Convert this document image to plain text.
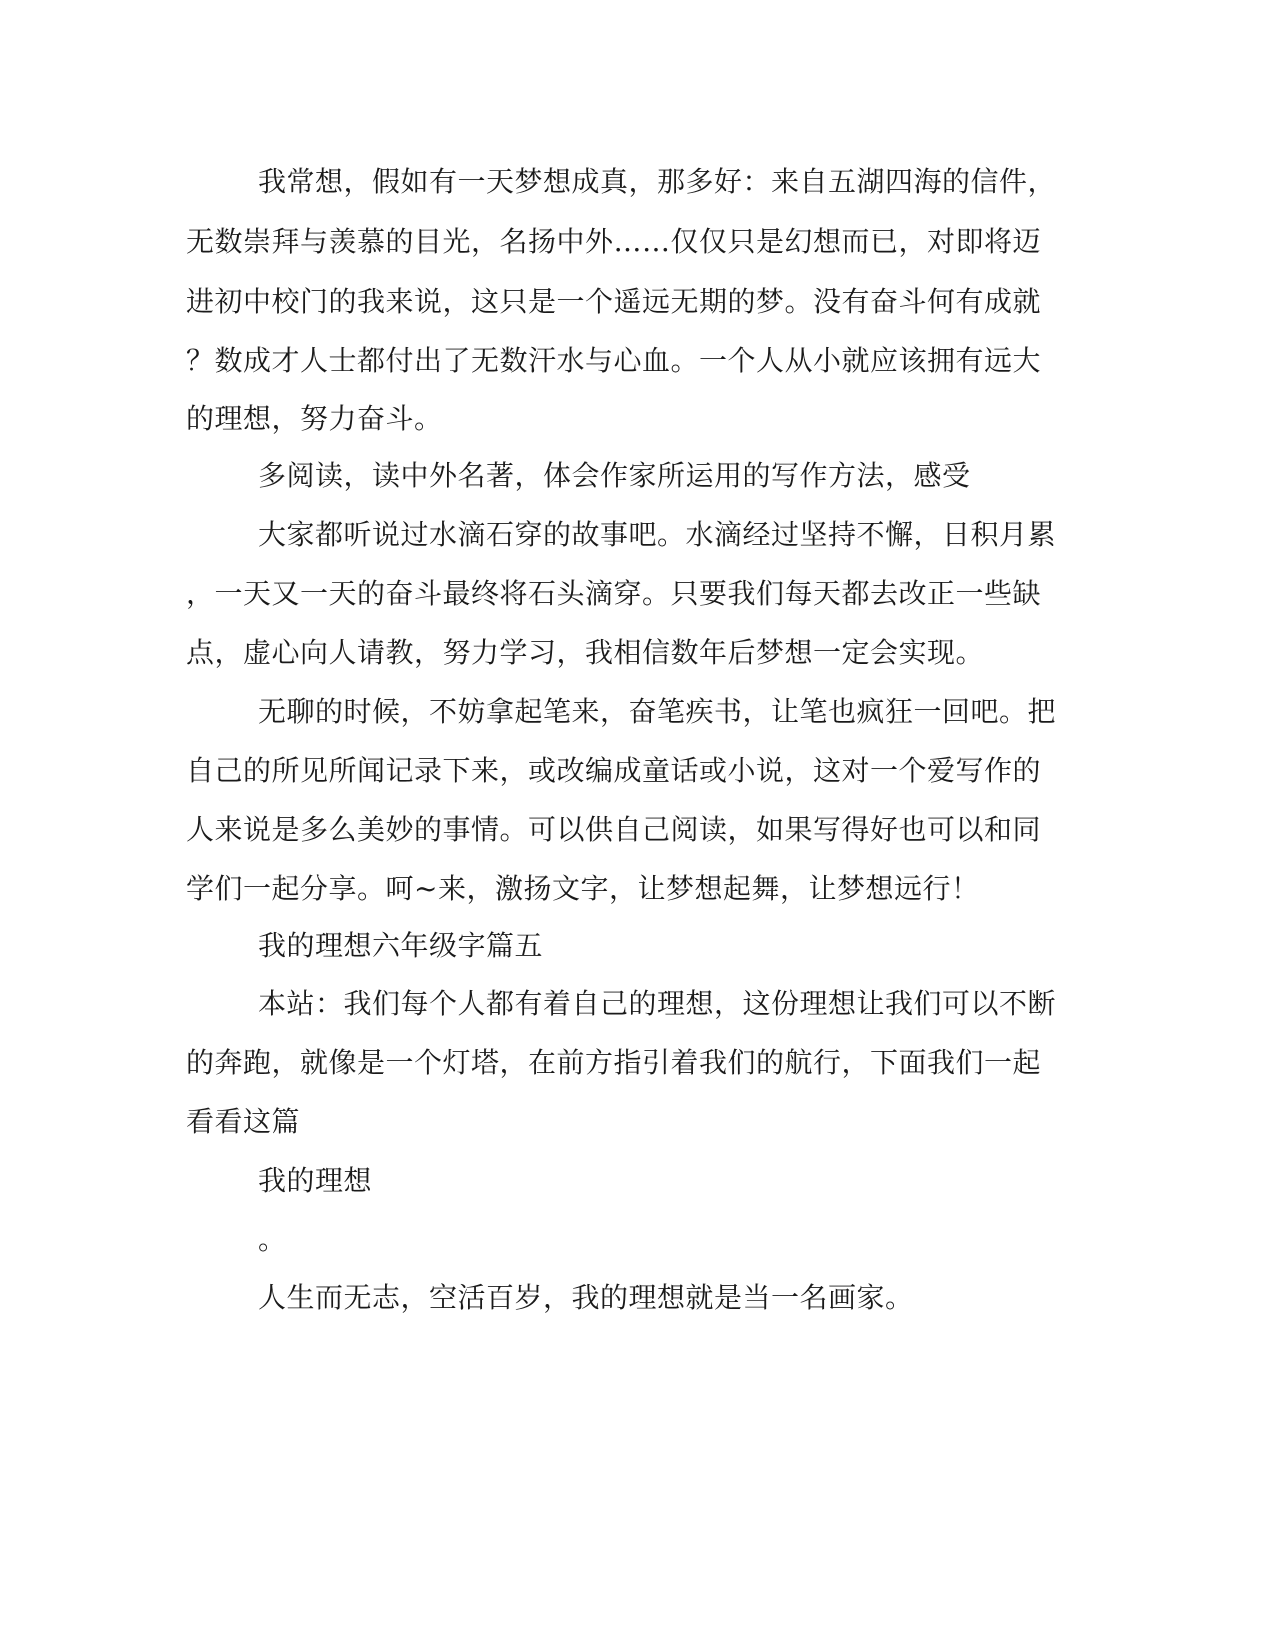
我常想，假如有一天梦想成真，那多好：来自五湖四海的信件，
无数崇拜与羡慕的目光，名扬中外……仅仅只是幻想而已，对即将迈
进初中校门的我来说，这只是一个遥远无期的梦。没有奋斗何有成就
？数成才人士都付出了无数汗水与心血。一个人从小就应该拥有远大
的理想，努力奋斗。
多阅读，读中外名著，体会作家所运用的写作方法，感受
大家都听说过水滴石穿的故事吧。水滴经过坚持不懈，日积月累
，一天又一天的奋斗最终将石头滴穿。只要我们每天都去改正一些缺
点，虚心向人请教，努力学习，我相信数年后梦想一定会实现。
无聊的时候，不妨拿起笔来，奋笔疾书，让笔也疯狂一回吧。把
自己的所见所闻记录下来，或改编成童话或小说，这对一个爱写作的
人来说是多么美妙的事情。可以供自己阅读，如果写得好也可以和同
学们一起分享。呵~来，激扬文字，让梦想起舞，让梦想远行！
我的理想六年级字篇五
本站：我们每个人都有着自己的理想，这份理想让我们可以不断
的奔跑，就像是一个灯塔，在前方指引着我们的航行，下面我们一起
看看这篇
我的理想
。
人生而无志，空活百岁，我的理想就是当一名画家。
